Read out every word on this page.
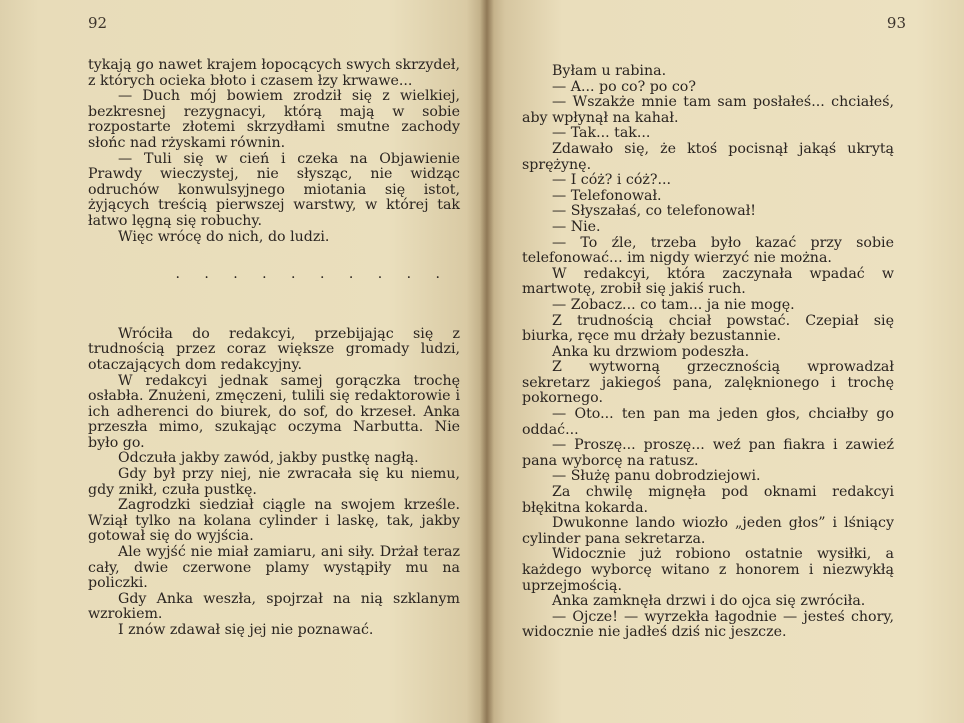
92

tykają go nawet krajem łopocących swych skrzydeł, z których ocieka błoto i czasem łzy krwawe...

— Duch mój bowiem zrodził się z wielkiej, bezkresnej rezygnacyi, którą mają w sobie rozpostarte złotemi skrzydłami smutne zachody słońc nad rżyskami równin.

— Tuli się w cień i czeka na Objawienie Prawdy wieczystej, nie słysząc, nie widząc odruchów konwulsyjnego miotania się istot, żyjących treścią pierwszej warstwy, w której tak łatwo lęgną się robuchy.

Więc wrócę do nich, do ludzi.

. . . . . . . . . .

Wróciła do redakcyi, przebijając się z trudnością przez coraz większe gromady ludzi, otaczających dom redakcyjny.

W redakcyi jednak samej gorączka trochę osłabła. Znużeni, zmęczeni, tulili się redaktorowie i ich adherenci do biurek, do sof, do krzeseł. Anka przeszła mimo, szukając oczyma Narbutta. Nie było go.

Odczuła jakby zawód, jakby pustkę nagłą.

Gdy był przy niej, nie zwracała się ku niemu, gdy znikł, czuła pustkę.

Zagrodzki siedział ciągle na swojem krześle. Wziął tylko na kolana cylinder i laskę, tak, jakby gotował się do wyjścia.

Ale wyjść nie miał zamiaru, ani siły. Drżał teraz cały, dwie czerwone plamy wystąpiły mu na policzki.

Gdy Anka weszła, spojrzał na nią szklanym wzrokiem.

I znów zdawał się jej nie poznawać.

93

Byłam u rabina.

— A... po co? po co?

— Wszakże mnie tam sam posłałeś... chciałeś, aby wpłynął na kahał.

— Tak... tak...

Zdawało się, że ktoś pocisnął jakąś ukrytą sprężynę.

— I cóż? i cóż?...

— Telefonował.

— Słyszałaś, co telefonował!

— Nie.

— To źle, trzeba było kazać przy sobie telefonować... im nigdy wierzyć nie można.

W redakcyi, która zaczynała wpadać w martwotę, zrobił się jakiś ruch.

— Zobacz... co tam... ja nie mogę.

Z trudnością chciał powstać. Czepiał się biurka, ręce mu drżały bezustannie.

Anka ku drzwiom podeszła.

Z wytworną grzecznością wprowadzał sekretarz jakiegoś pana, zalęknionego i trochę pokornego.

— Oto... ten pan ma jeden głos, chciałby go oddać...

— Proszę... proszę... weź pan fiakra i zawieź pana wyborcę na ratusz.

— Służę panu dobrodziejowi.

Za chwilę mignęła pod oknami redakcyi błękitna kokarda.

Dwukonne lando wiozło „jeden głos” i lśniący cylinder pana sekretarza.

Widocznie już robiono ostatnie wysiłki, a każdego wyborcę witano z honorem i niezwykłą uprzejmością.

Anka zamknęła drzwi i do ojca się zwróciła.

— Ojcze! — wyrzekła łagodnie — jesteś chory, widocznie nie jadłeś dziś nic jeszcze.
